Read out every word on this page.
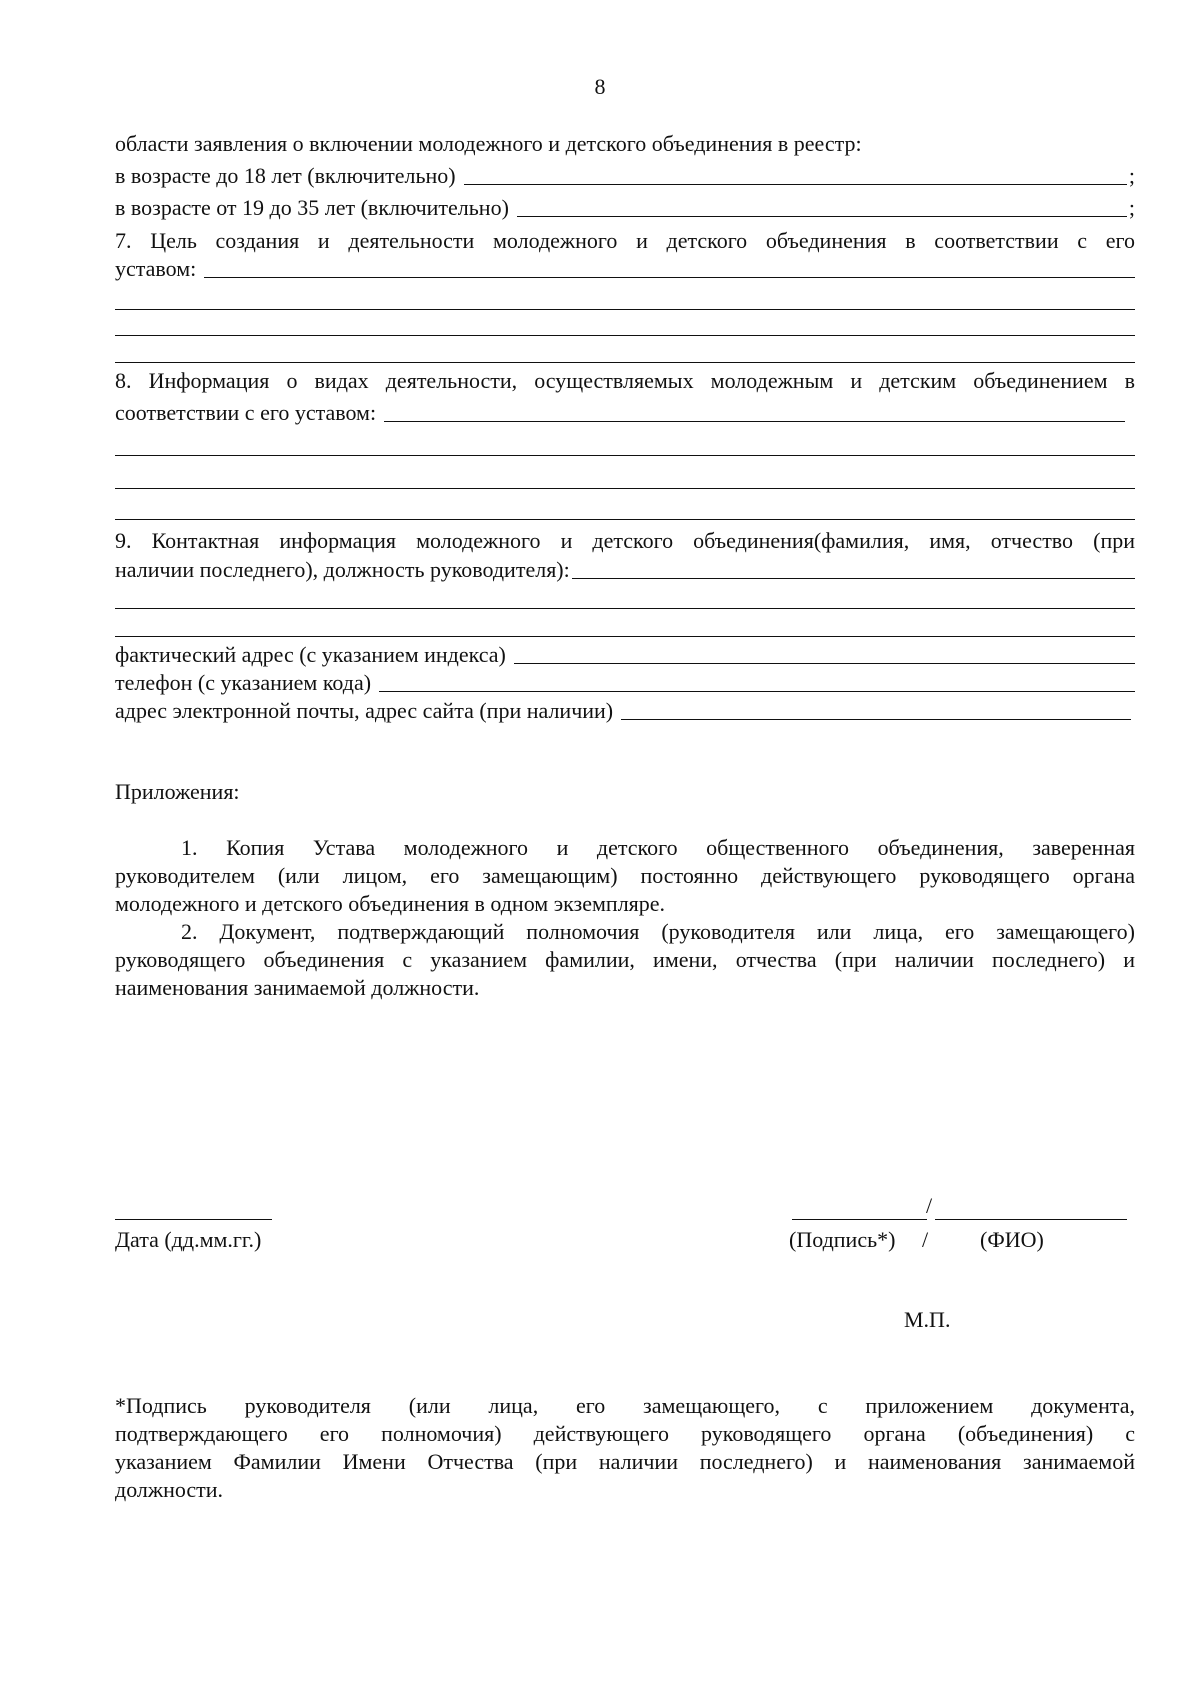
8
области заявления о включении молодежного и детского объединения в реестр:
в возрасте до 18 лет (включительно)	;
в возрасте от 19 до 35 лет (включительно)	;
7. Цель создания и деятельности молодежного и детского объединения в соответствии с его
уставом:
8. Информация о видах деятельности, осуществляемых молодежным и детским объединением в
соответствии с его уставом:
9. Контактная информация молодежного и детского объединения(фамилия, имя, отчество (при
наличии последнего), должность руководителя):
фактический адрес (с указанием индекса)
телефон (с указанием кода)
адрес электронной почты, адрес сайта (при наличии)
Приложения:
1. Копия Устава молодежного и детского общественного объединения, заверенная
руководителем (или лицом, его замещающим) постоянно действующего руководящего органа
молодежного и детского объединения в одном экземпляре.
2. Документ, подтверждающий полномочия (руководителя или лица, его замещающего)
руководящего объединения с указанием фамилии, имени, отчества (при наличии последнего) и
наименования занимаемой должности.
Дата (дд.мм.гг.)
/
(Подпись*) / (ФИО)
М.П.
*Подпись руководителя (или лица, его замещающего, с приложением документа,
подтверждающего его полномочия) действующего руководящего органа (объединения) с
указанием Фамилии Имени Отчества (при наличии последнего) и наименования занимаемой
должности.
